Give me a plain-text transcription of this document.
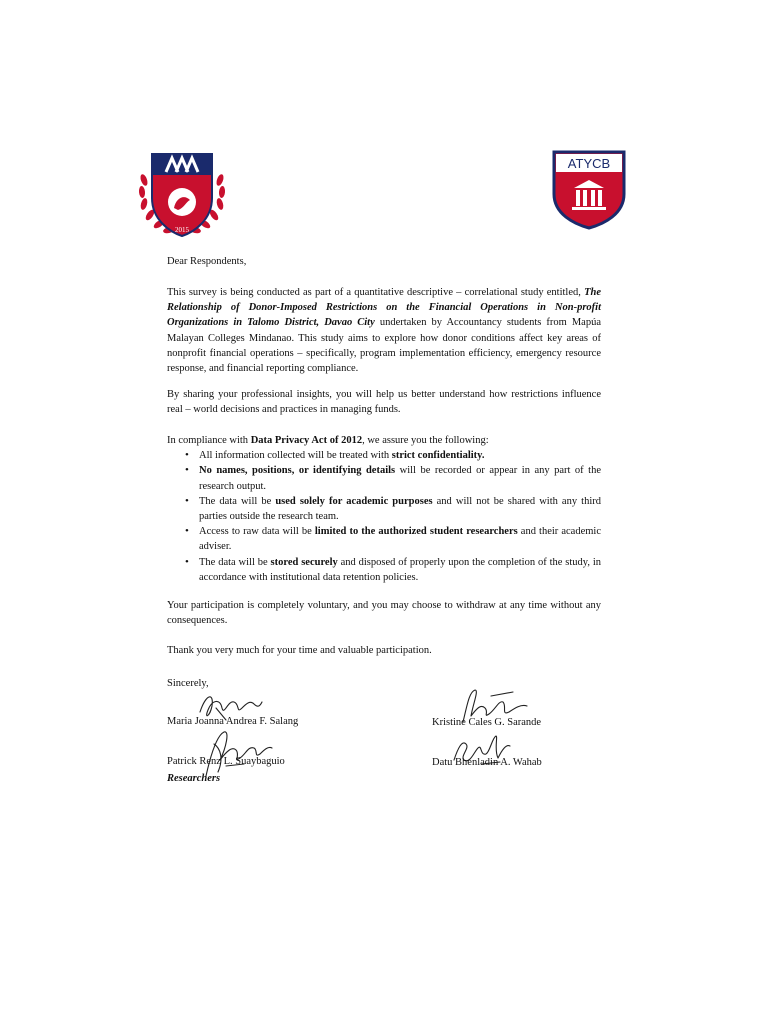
2015
ATYCB
Dear Respondents,

This survey is being conducted as part of a quantitative descriptive – correlational study entitled, The Relationship of Donor-Imposed Restrictions on the Financial Operations in Non-profit Organizations in Talomo District, Davao City undertaken by Accountancy students from Mapúa Malayan Colleges Mindanao. This study aims to explore how donor conditions affect key areas of nonprofit financial operations – specifically, program implementation efficiency, emergency resource response, and financial reporting compliance.

By sharing your professional insights, you will help us better understand how restrictions influence real – world decisions and practices in managing funds.

In compliance with Data Privacy Act of 2012, we assure you the following:

• All information collected will be treated with strict confidentiality.
• No names, positions, or identifying details will be recorded or appear in any part of the research output.
• The data will be used solely for academic purposes and will not be shared with any third parties outside the research team.
• Access to raw data will be limited to the authorized student researchers and their academic adviser.
• The data will be stored securely and disposed of properly upon the completion of the study, in accordance with institutional data retention policies.

Your participation is completely voluntary, and you may choose to withdraw at any time without any consequences.

Thank you very much for your time and valuable participation.

Sincerely,
Maria Joanna Andrea F. Salang	Kristine Cales G. Sarande
Patrick Renz L. Suaybaguio	Datu Bhenladin A. Wahab
Researchers
